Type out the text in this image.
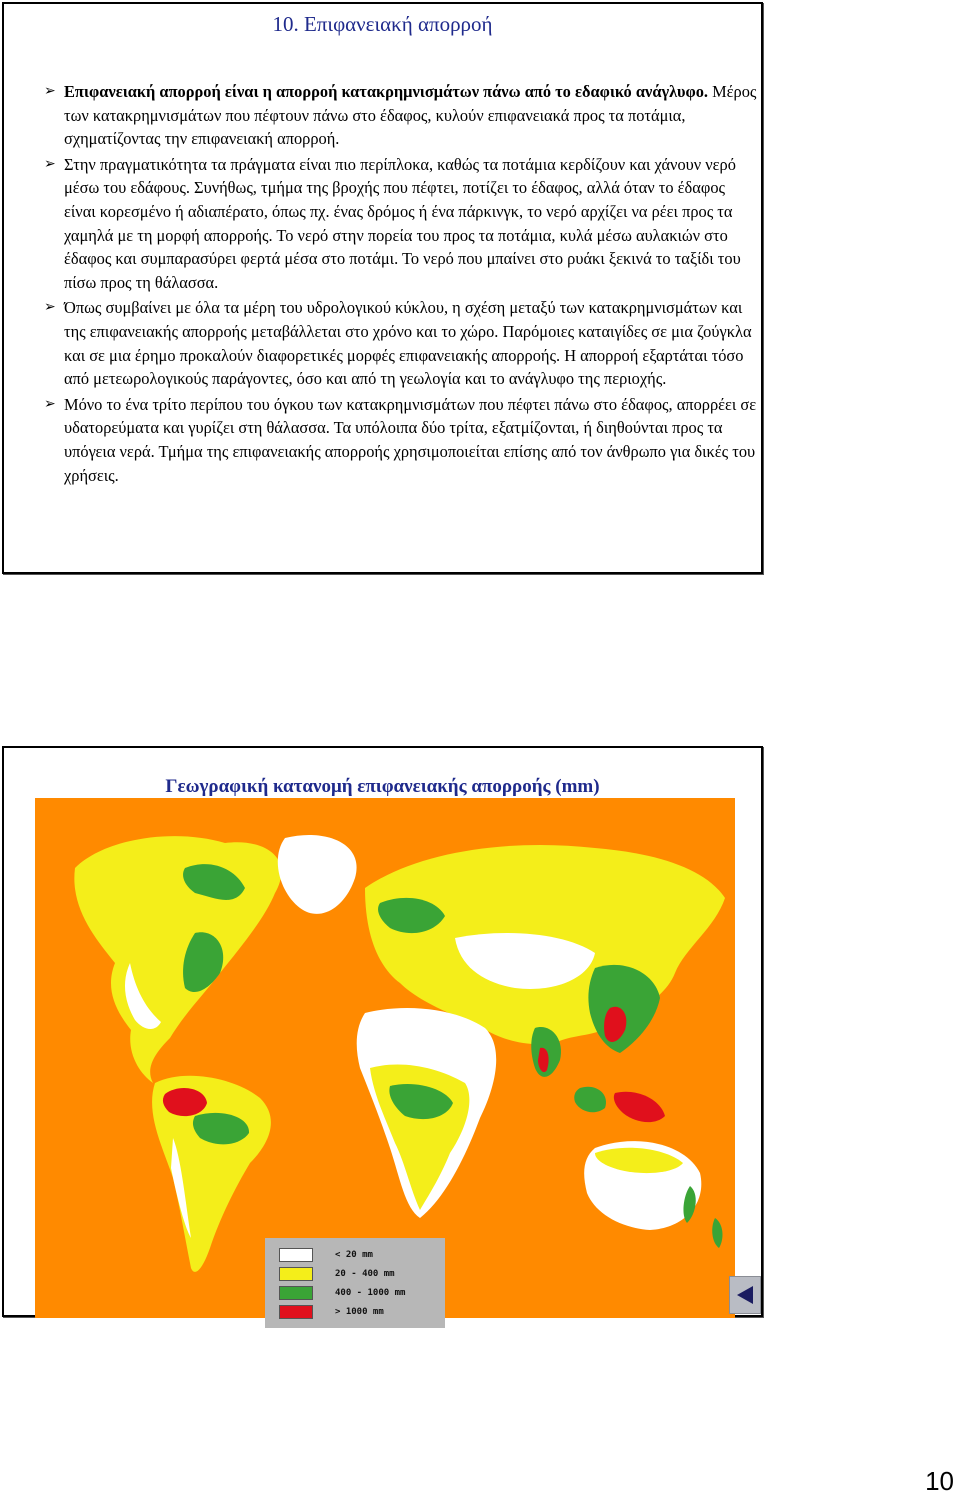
10. Επιφανειακή απορροή
➢ Επιφανειακή απορροή είναι η απορροή κατακρημνισμάτων πάνω από το εδαφικό ανάγλυφο. Μέρος των κατακρημνισμάτων που πέφτουν πάνω στο έδαφος, κυλούν επιφανειακά προς τα ποτάμια, σχηματίζοντας την επιφανειακή απορροή.
➢ Στην πραγματικότητα τα πράγματα είναι πιο περίπλοκα, καθώς τα ποτάμια κερδίζουν και χάνουν νερό μέσω του εδάφους. Συνήθως, τμήμα της βροχής που πέφτει, ποτίζει το έδαφος, αλλά όταν το έδαφος είναι κορεσμένο ή αδιαπέρατο, όπως πχ. ένας δρόμος ή ένα πάρκινγκ, το νερό αρχίζει να ρέει προς τα χαμηλά με τη μορφή απορροής. Το νερό στην πορεία του προς τα ποτάμια, κυλά μέσω αυλακιών στο έδαφος και συμπαρασύρει φερτά μέσα στο ποτάμι. Το νερό που μπαίνει στο ρυάκι ξεκινά το ταξίδι του πίσω προς τη θάλασσα.
➢ Όπως συμβαίνει με όλα τα μέρη του υδρολογικού κύκλου, η σχέση μεταξύ των κατακρημνισμάτων και της επιφανειακής απορροής μεταβάλλεται στο χρόνο και το χώρο. Παρόμοιες καταιγίδες σε μια ζούγκλα και σε μια έρημο προκαλούν διαφορετικές μορφές επιφανειακής απορροής. Η απορροή εξαρτάται τόσο από μετεωρολογικούς παράγοντες, όσο και από τη γεωλογία και το ανάγλυφο της περιοχής.
➢ Μόνο το ένα τρίτο περίπου του όγκου των κατακρημνισμάτων που πέφτει πάνω στο έδαφος, απορρέει σε υδατορεύματα και γυρίζει στη θάλασσα. Τα υπόλοιπα δύο τρίτα, εξατμίζονται, ή διηθούνται προς τα υπόγεια νερά. Τμήμα της επιφανειακής απορροής χρησιμοποιείται επίσης από τον άνθρωπο για δικές του χρήσεις.
Γεωγραφική κατανομή επιφανειακής απορροής (mm)
< 20 mm
20 - 400 mm
400 - 1000 mm
> 1000 mm
10
